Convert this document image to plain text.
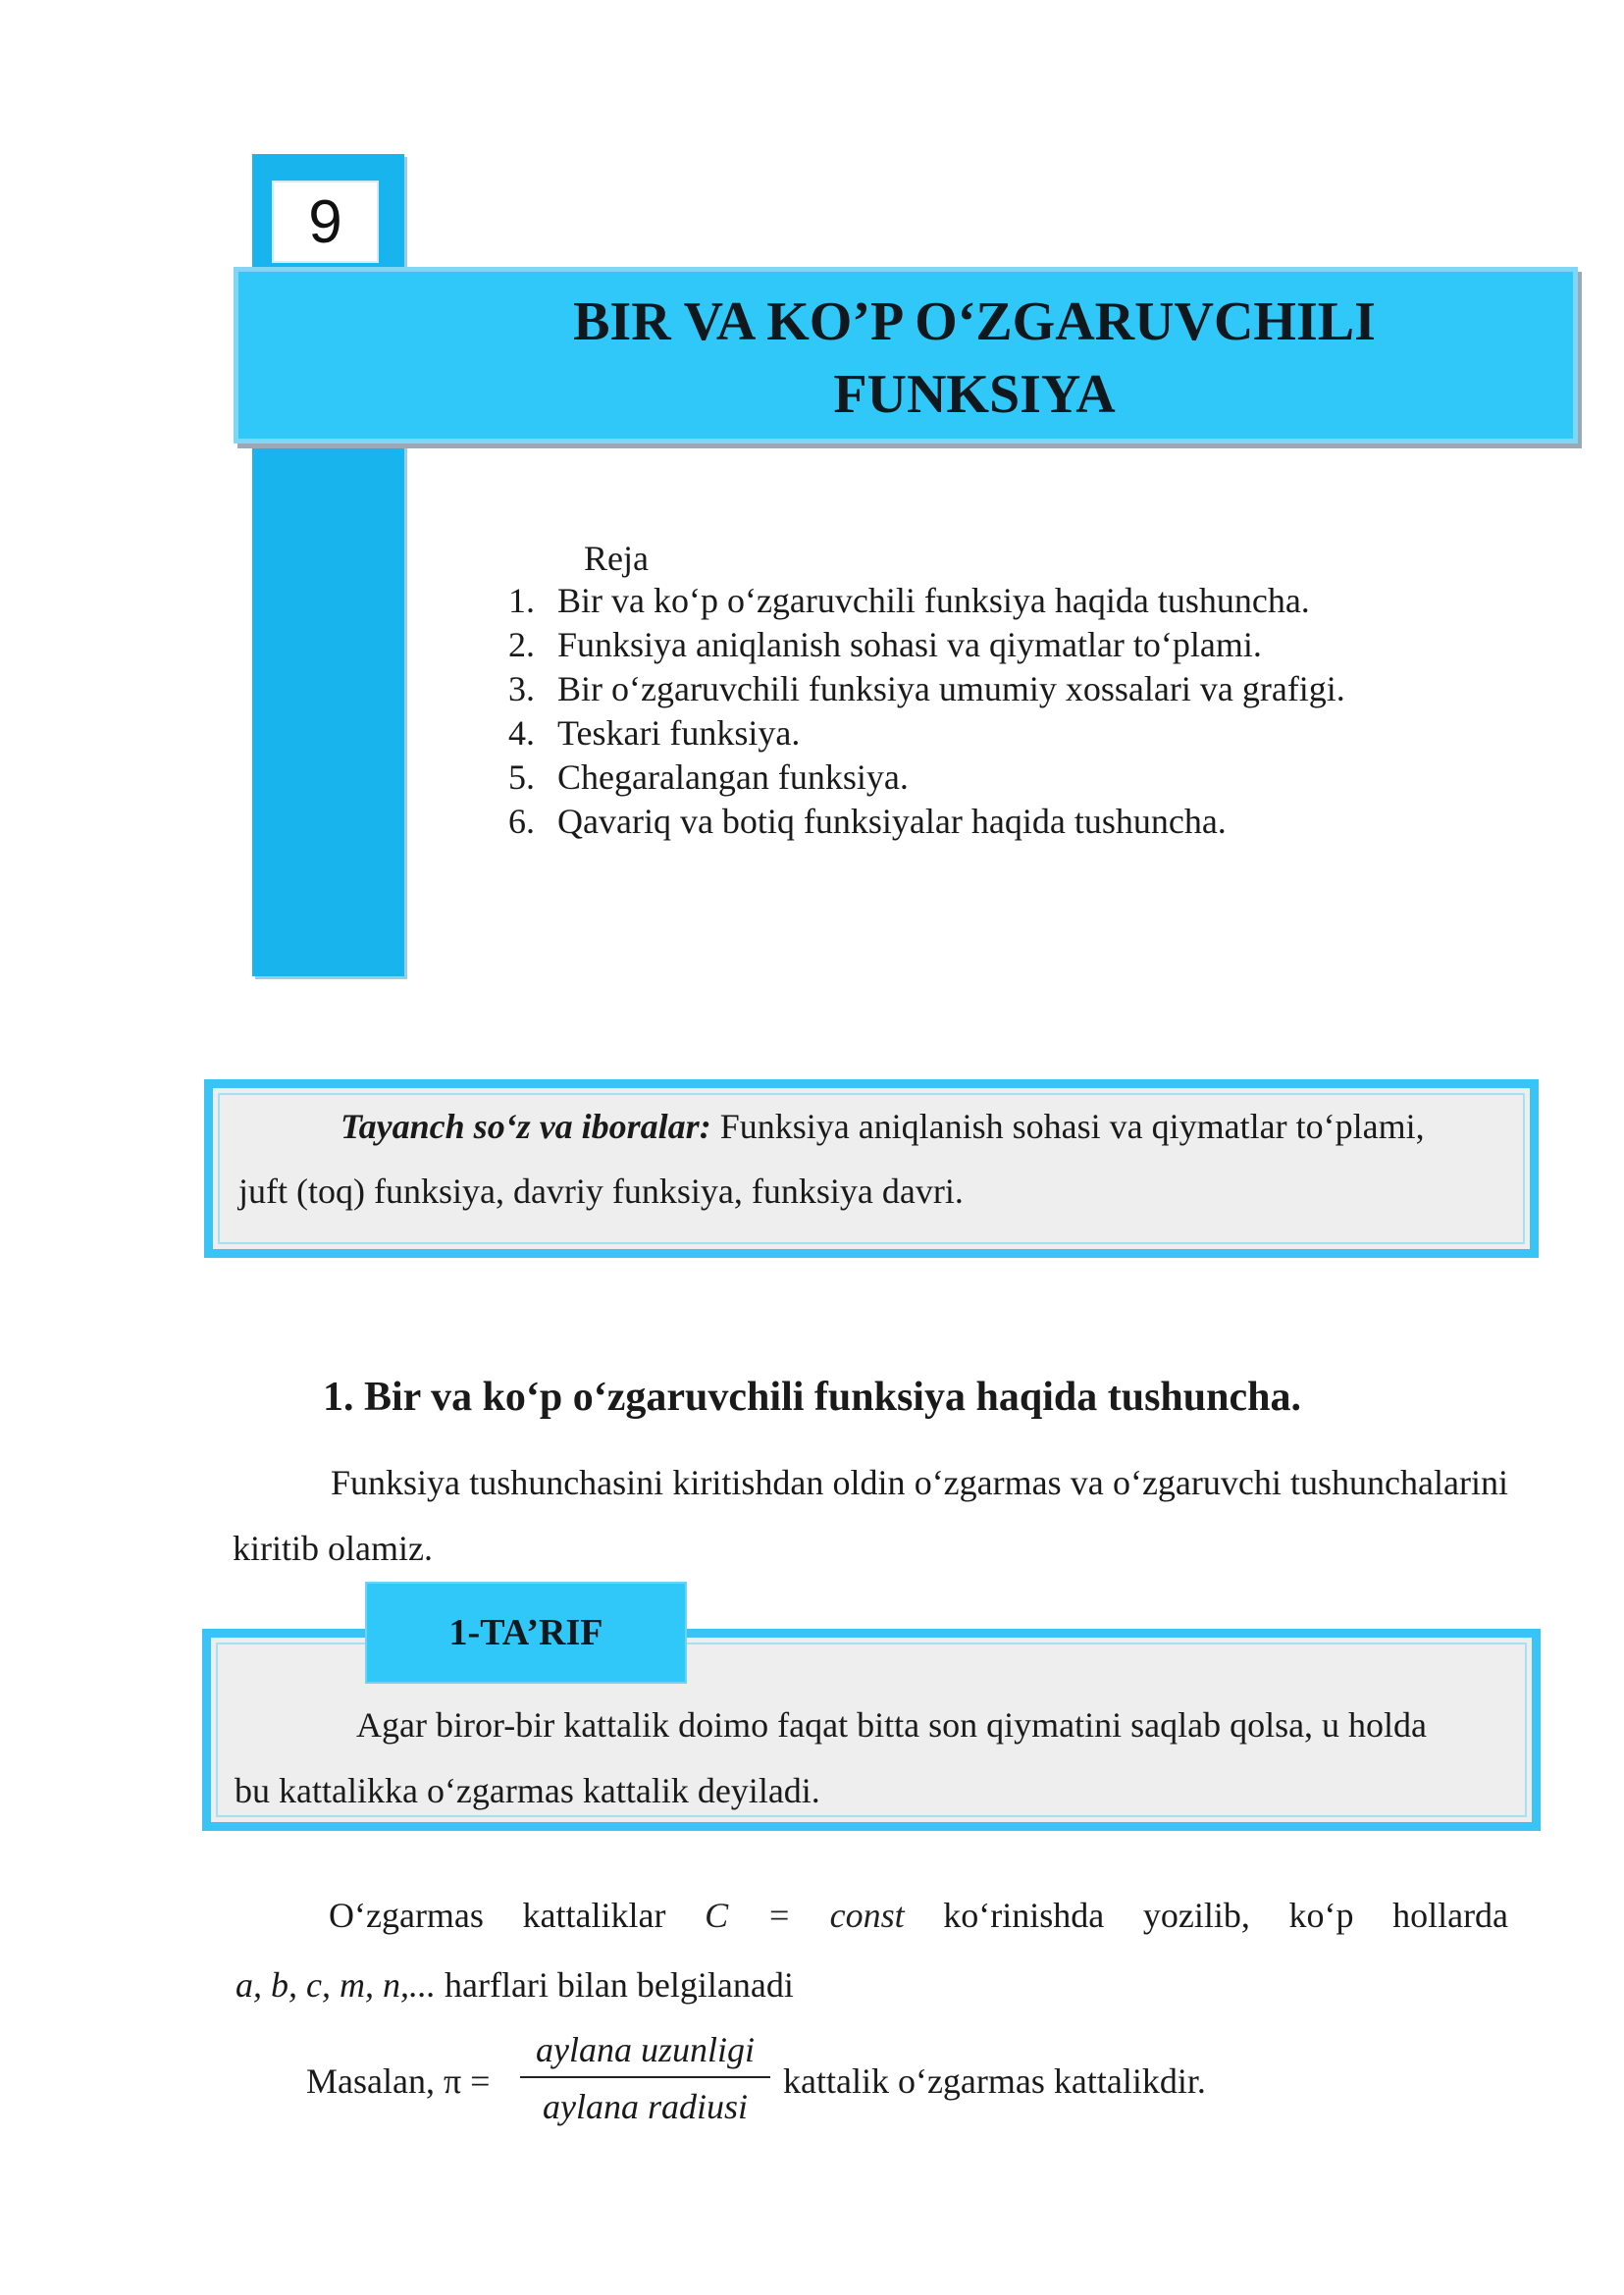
9
BIR VA KO’P O‘ZGARUVCHILI
FUNKSIYA
Reja
1. Bir va ko‘p o‘zgaruvchili funksiya haqida tushuncha.
2. Funksiya aniqlanish sohasi va qiymatlar to‘plami.
3. Bir o‘zgaruvchili funksiya umumiy xossalari va grafigi.
4. Teskari funksiya.
5. Chegaralangan funksiya.
6. Qavariq va botiq funksiyalar haqida tushuncha.
Tayanch so‘z va iboralar: Funksiya aniqlanish sohasi va qiymatlar to‘plami,
juft (toq) funksiya, davriy funksiya, funksiya davri.
1. Bir va ko‘p o‘zgaruvchili funksiya haqida tushuncha.
Funksiya tushunchasini kiritishdan oldin o‘zgarmas va o‘zgaruvchi tushunchalarini kiritib olamiz.
Agar biror-bir kattalik doimo faqat bitta son qiymatini saqlab qolsa, u holda
bu kattalikka o‘zgarmas kattalik deyiladi.
1-TA’RIF
O‘zgarmas kattaliklar C = const ko‘rinishda yozilib, ko‘p hollarda
a, b, c, m, n,... harflari bilan belgilanadi
Masalan, π =
aylana uzunligi
aylana radiusi
kattalik o‘zgarmas kattalikdir.
